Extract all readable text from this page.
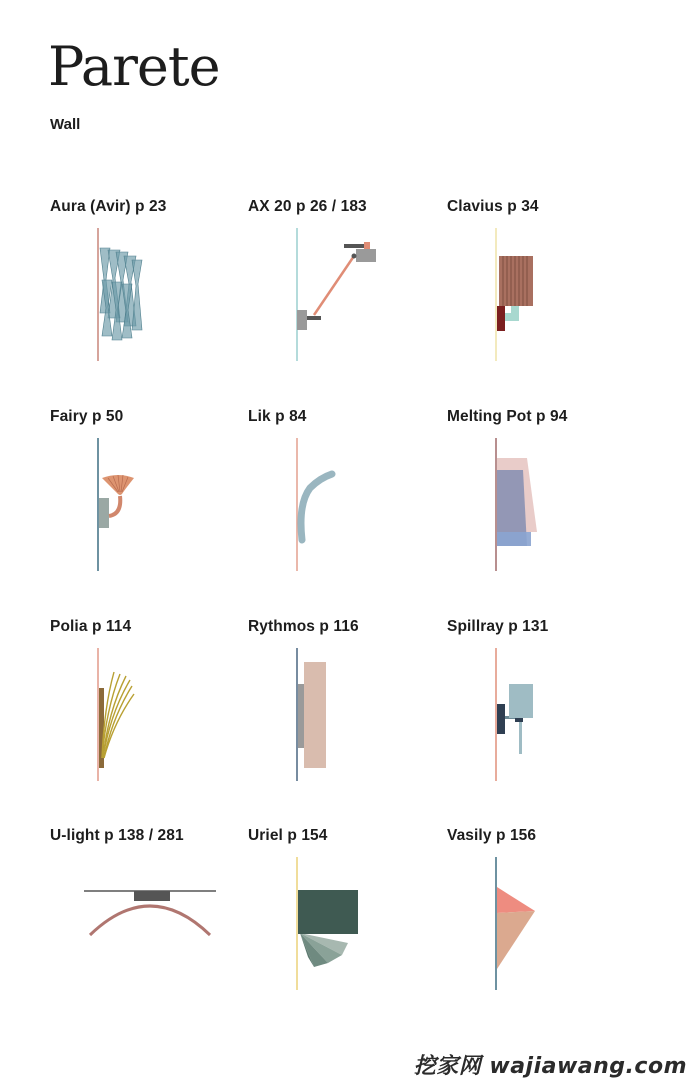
Parete

Wall

Aura (Avir) p 23	AX 20 p 26 / 183	Clavius p 34
Fairy p 50	Lik p 84	Melting Pot p 94
Polia p 114	Rythmos p 116	Spillray p 131
U-light p 138 / 281	Uriel p 154	Vasily p 156
挖家网 wajiawang.com
